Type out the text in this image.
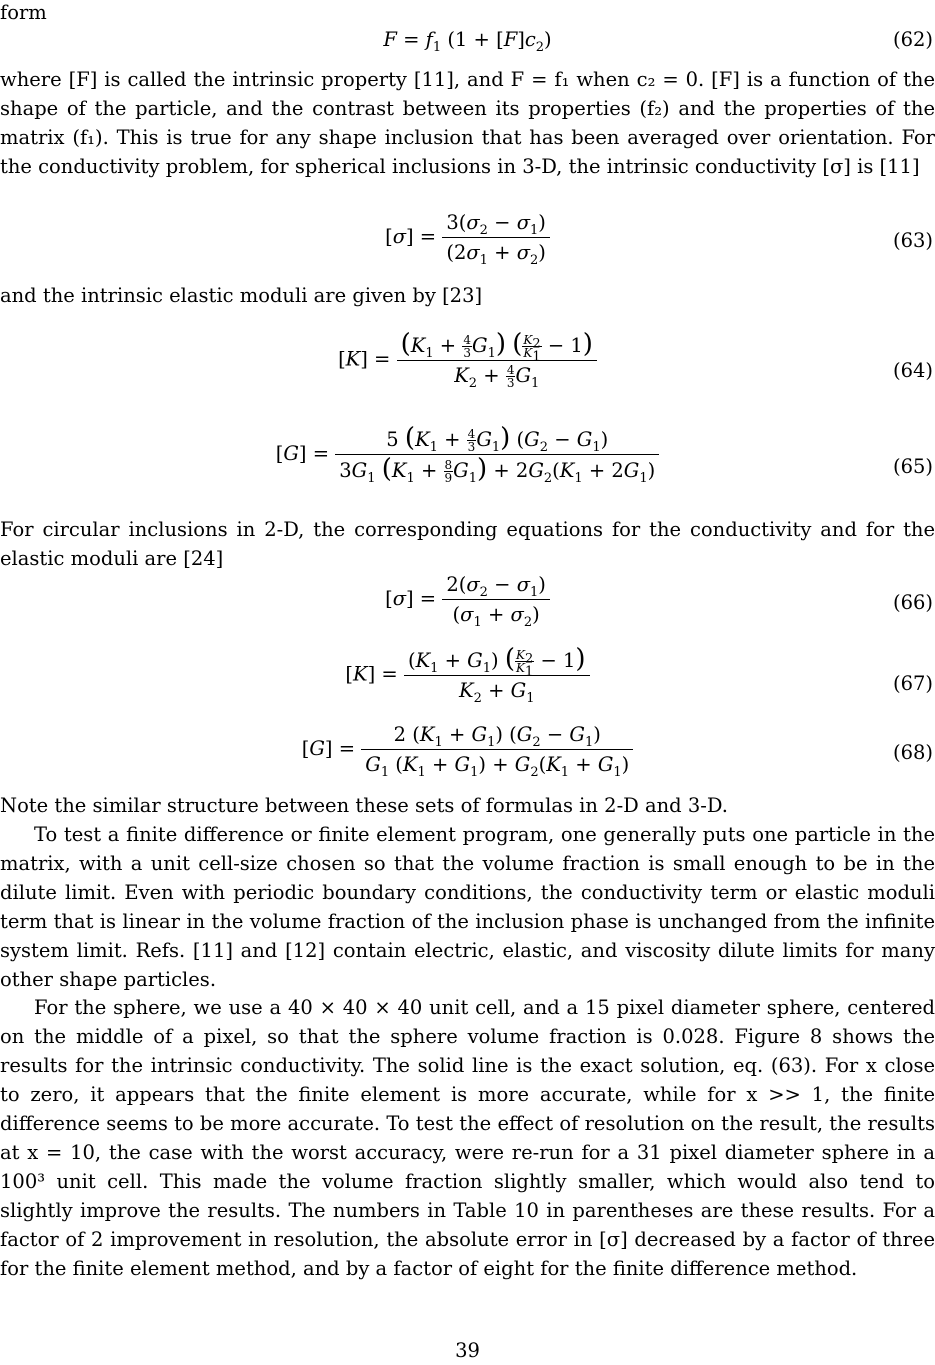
form
$F = f_1$ $(1 + [F]c_2)$	(62)
where [F] is called the intrinsic property [11], and F = f₁ when c₂ = 0. [F] is a function of the shape of the particle, and the contrast between its properties (f₂) and the properties of the matrix (f₁). This is true for any shape inclusion that has been averaged over orientation. For the conductivity problem, for spherical inclusions in 3-D, the intrinsic conductivity [σ] is [11]
$[\sigma] = \frac{3(\sigma_2 - \sigma_1)}{(2\sigma_1 + \sigma_2)}$	(63)
and the intrinsic elastic moduli are given by [23]
$[K] = \frac{(K_1 + \frac{4}{3} G_1) ( \frac{K_2}{K_1} - 1)}{K_2 + \frac{4}{3} G_1}$	(64)
$[G] = \frac{5 (K_1 + \frac{4}{3} G_1) (G_2 - G_1)}{3G_1 (K_1 + \frac{8}{9} G_1) + 2G_2(K_1 + 2G_1)}$	(65)
For circular inclusions in 2-D, the corresponding equations for the conductivity and for the elastic moduli are [24]
$[\sigma] = \frac{2(\sigma_2 - \sigma_1)}{(\sigma_1 + \sigma_2)}$	(66)
$[K] = \frac{(K_1 + G_1) ( \frac{K_2}{K_1} - 1)}{K_2 + G_1}$	(67)
$[G] = \frac{2 (K_1 + G_1) (G_2 - G_1)}{G_1 (K_1 + G_1) + G_2(K_1 + G_1)}$	(68)
Note the similar structure between these sets of formulas in 2-D and 3-D.
To test a finite difference or finite element program, one generally puts one particle in the matrix, with a unit cell-size chosen so that the volume fraction is small enough to be in the dilute limit. Even with periodic boundary conditions, the conductivity term or elastic moduli term that is linear in the volume fraction of the inclusion phase is unchanged from the infinite system limit. Refs. [11] and [12] contain electric, elastic, and viscosity dilute limits for many other shape particles.
For the sphere, we use a 40 × 40 × 40 unit cell, and a 15 pixel diameter sphere, centered on the middle of a pixel, so that the sphere volume fraction is 0.028. Figure 8 shows the results for the intrinsic conductivity. The solid line is the exact solution, eq. (63). For x close to zero, it appears that the finite element is more accurate, while for x >> 1, the finite difference seems to be more accurate. To test the effect of resolution on the result, the results at x = 10, the case with the worst accuracy, were re-run for a 31 pixel diameter sphere in a 100³ unit cell. This made the volume fraction slightly smaller, which would also tend to slightly improve the results. The numbers in Table 10 in parentheses are these results. For a factor of 2 improvement in resolution, the absolute error in [σ] decreased by a factor of three for the finite element method, and by a factor of eight for the finite difference method.
39
